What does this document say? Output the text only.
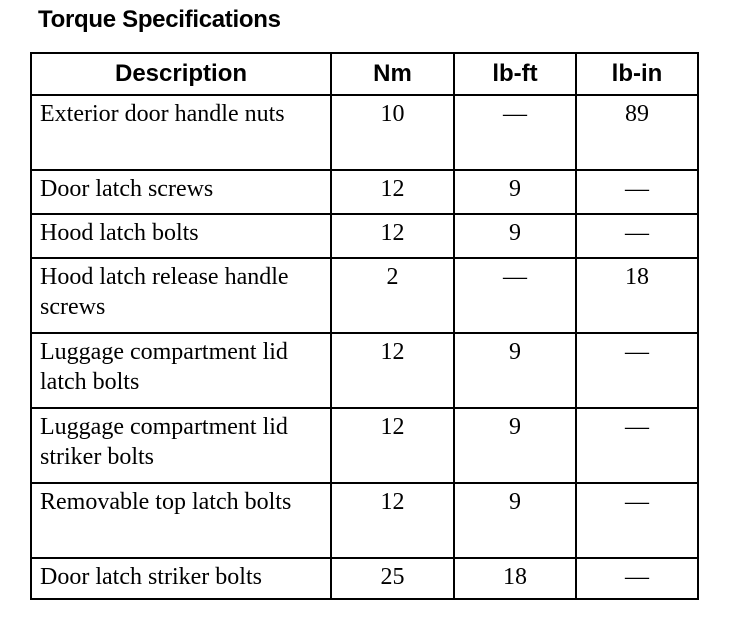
Torque Specifications
Description	Nm	lb-ft	lb-in
Exterior door handle nuts	10	—	89
Door latch screws	12	9	—
Hood latch bolts	12	9	—
Hood latch release handle screws	2	—	18
Luggage compartment lid latch bolts	12	9	—
Luggage compartment lid striker bolts	12	9	—
Removable top latch bolts	12	9	—
Door latch striker bolts	25	18	—
